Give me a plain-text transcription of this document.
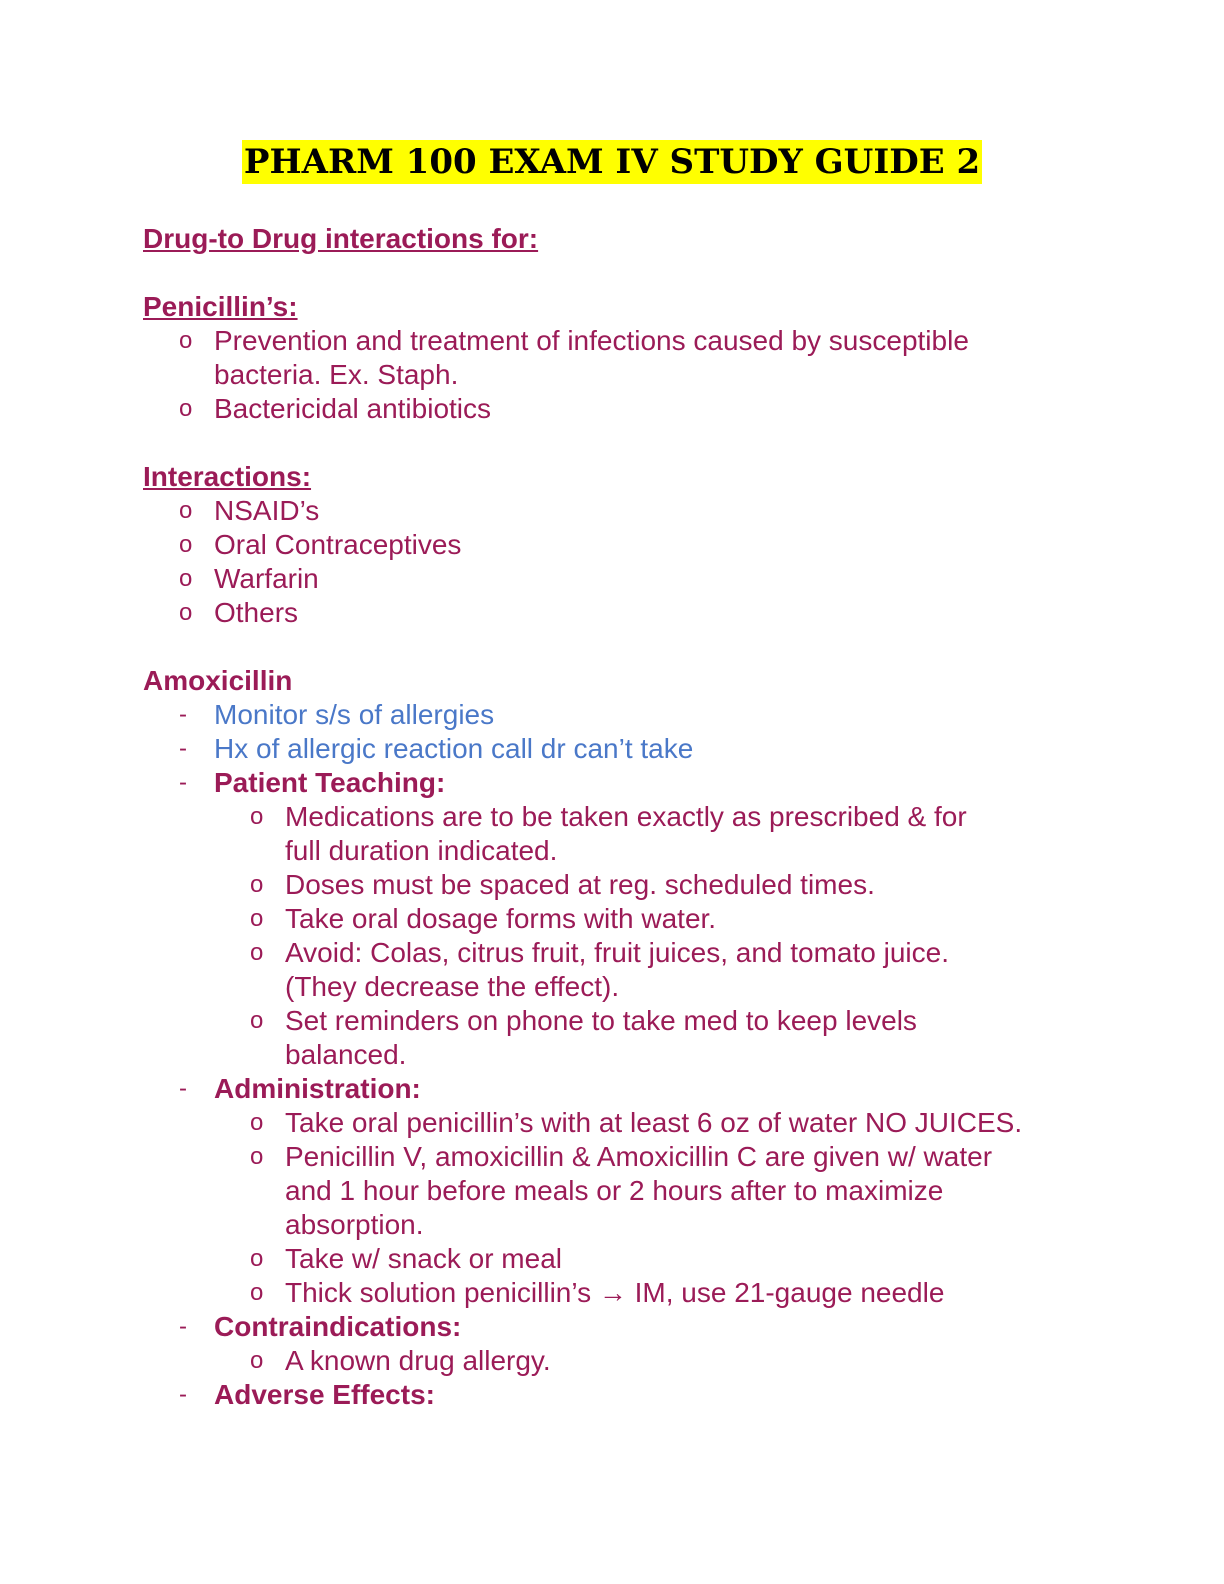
PHARM 100 EXAM IV STUDY GUIDE 2
Drug-to Drug interactions for:
Penicillin’s:
o Prevention and treatment of infections caused by susceptible
bacteria. Ex. Staph.
o Bactericidal antibiotics
Interactions:
o NSAID’s
o Oral Contraceptives
o Warfarin
o Others
Amoxicillin
- Monitor s/s of allergies
- Hx of allergic reaction call dr can’t take
- Patient Teaching:
o Medications are to be taken exactly as prescribed & for
full duration indicated.
o Doses must be spaced at reg. scheduled times.
o Take oral dosage forms with water.
o Avoid: Colas, citrus fruit, fruit juices, and tomato juice.
(They decrease the effect).
o Set reminders on phone to take med to keep levels
balanced.
- Administration:
o Take oral penicillin’s with at least 6 oz of water NO JUICES.
o Penicillin V, amoxicillin & Amoxicillin C are given w/ water
and 1 hour before meals or 2 hours after to maximize
absorption.
o Take w/ snack or meal
o Thick solution penicillin’s → IM, use 21-gauge needle
- Contraindications:
o A known drug allergy.
- Adverse Effects:
